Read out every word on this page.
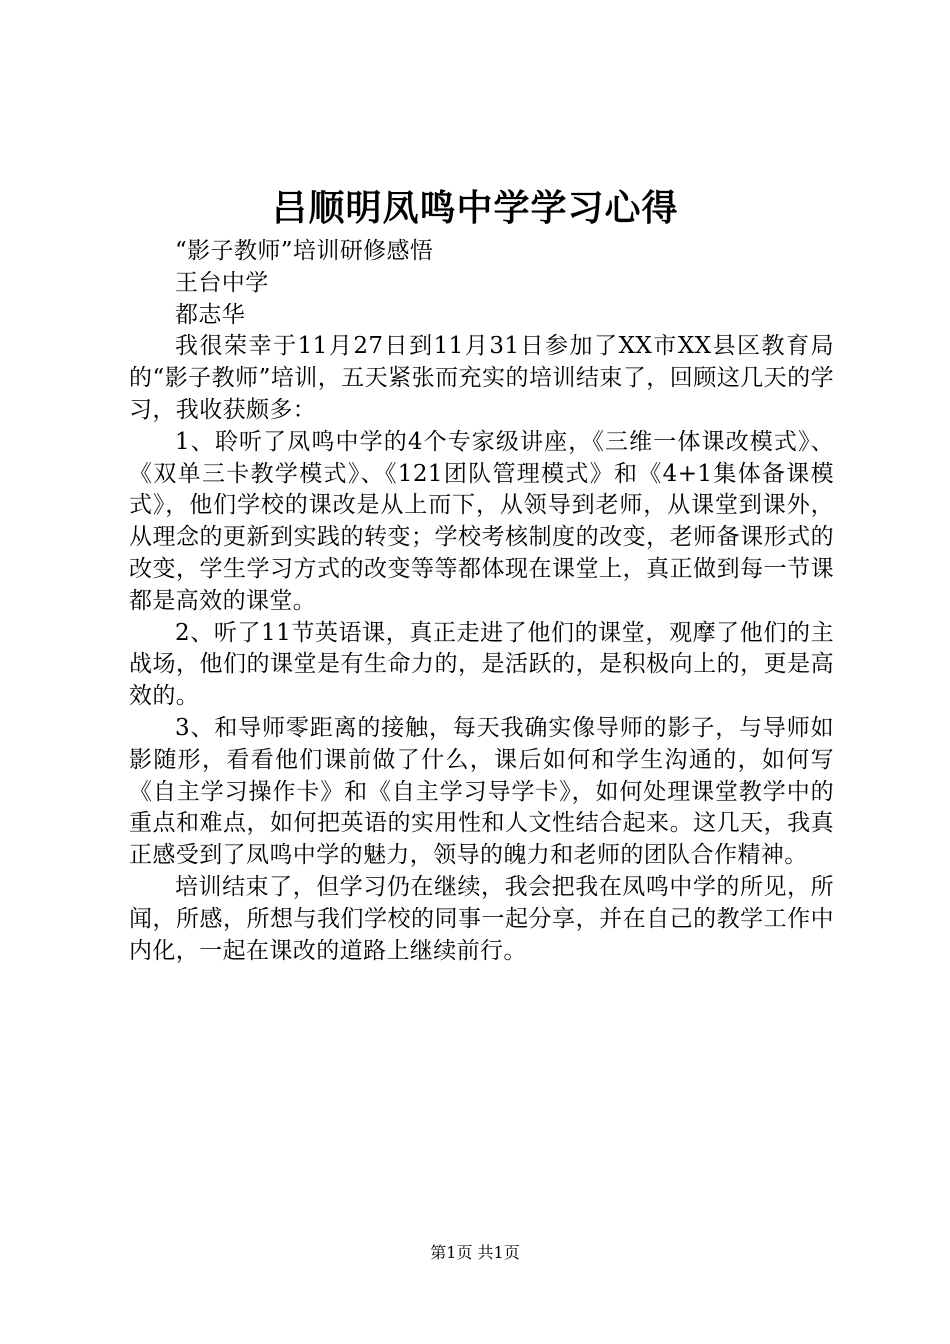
吕顺明凤鸣中学学习心得

“影子教师”培训研修感悟

王台中学

都志华

我很荣幸于11月27日到11月31日参加了XX市XX县区教育局的“影子教师”培训，五天紧张而充实的培训结束了，回顾这几天的学习，我收获颇多：

1、聆听了凤鸣中学的4个专家级讲座，《三维一体课改模式》、《双单三卡教学模式》、《121团队管理模式》和《4+1集体备课模式》，他们学校的课改是从上而下，从领导到老师，从课堂到课外，从理念的更新到实践的转变；学校考核制度的改变，老师备课形式的改变，学生学习方式的改变等等都体现在课堂上，真正做到每一节课都是高效的课堂。

2、听了11节英语课，真正走进了他们的课堂，观摩了他们的主战场，他们的课堂是有生命力的，是活跃的，是积极向上的，更是高效的。

3、和导师零距离的接触，每天我确实像导师的影子，与导师如影随形，看看他们课前做了什么，课后如何和学生沟通的，如何写《自主学习操作卡》和《自主学习导学卡》，如何处理课堂教学中的重点和难点，如何把英语的实用性和人文性结合起来。这几天，我真正感受到了凤鸣中学的魅力，领导的魄力和老师的团队合作精神。

培训结束了，但学习仍在继续，我会把我在凤鸣中学的所见，所闻，所感，所想与我们学校的同事一起分享，并在自己的教学工作中内化，一起在课改的道路上继续前行。

第1页 共1页
